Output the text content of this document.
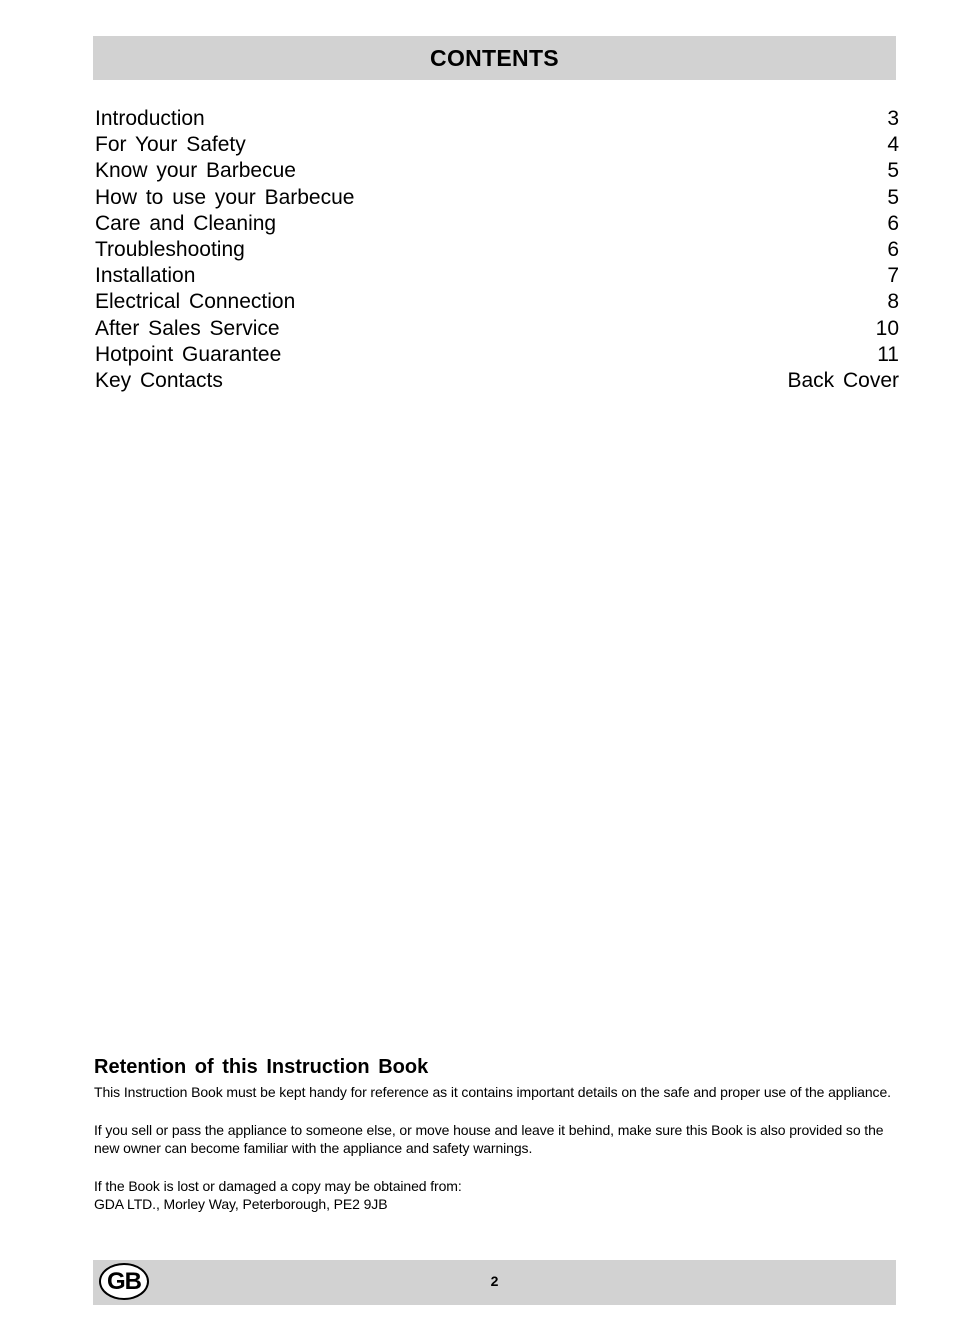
CONTENTS
Introduction	3
For Your Safety	4
Know your Barbecue	5
How to use your Barbecue	5
Care and Cleaning	6
Troubleshooting	6
Installation	7
Electrical Connection	8
After Sales Service	10
Hotpoint Guarantee	11
Key Contacts	Back Cover
Retention of this Instruction Book

This Instruction Book must be kept handy for reference as it contains important details on the safe and proper use of the appliance.

If you sell or pass the appliance to someone else, or move house and leave it behind, make sure this Book is also provided so the new owner can become familiar with the appliance and safety warnings.

If the Book is lost or damaged a copy may be obtained from:
GDA LTD., Morley Way, Peterborough, PE2 9JB

GB	2
